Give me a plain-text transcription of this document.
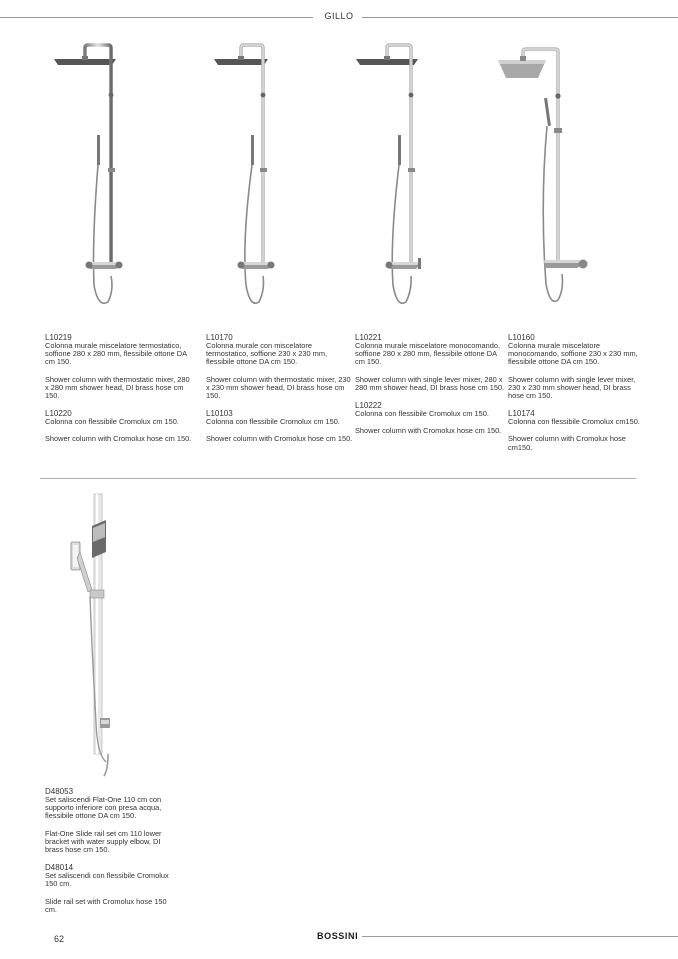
GILLO
L10219
Colonna murale miscelatore termostatico, soffione 280 x 280 mm, flessibile ottone DA cm 150.
Shower column with thermostatic mixer, 280 x 280 mm shower head, DI brass hose cm 150.
L10220
Colonna con flessibile Cromolux cm 150.
Shower column with Cromolux hose cm 150.
L10170
Colonna murale con miscelatore termostatico, soffione 230 x 230 mm, flessibile ottone DA cm 150.
Shower column with thermostatic mixer, 230 x 230 mm shower head, DI brass hose cm 150.
L10103
Colonna con flessibile Cromolux cm 150.
Shower column with Cromolux hose cm 150.
L10221
Colonna murale miscelatore monocomando, soffione 280 x 280 mm, flessibile ottone DA cm 150.
Shower column with single lever mixer, 280 x 280 mm shower head, DI brass hose cm 150.
L10222
Colonna con flessibile Cromolux cm 150.
Shower column with Cromolux hose cm 150.
L10160
Colonna murale miscelatore monocomando, soffione 230 x 230 mm, flessibile ottone DA cm 150.
Shower column with single lever mixer, 230 x 230 mm shower head, DI brass hose cm 150.
L10174
Colonna con flessibile Cromolux cm150.
Shower column with Cromolux hose cm150.
D48053
Set saliscendi Flat-One 110 cm con supporto inferiore con presa acqua, flessibile ottone DA cm 150.
Flat-One Slide rail set cm 110 lower bracket with water supply elbow, DI brass hose cm 150.
D48014
Set saliscendi con flessibile Cromolux 150 cm.
Slide rail set with Cromolux hose 150 cm.
62	BOSSINI
